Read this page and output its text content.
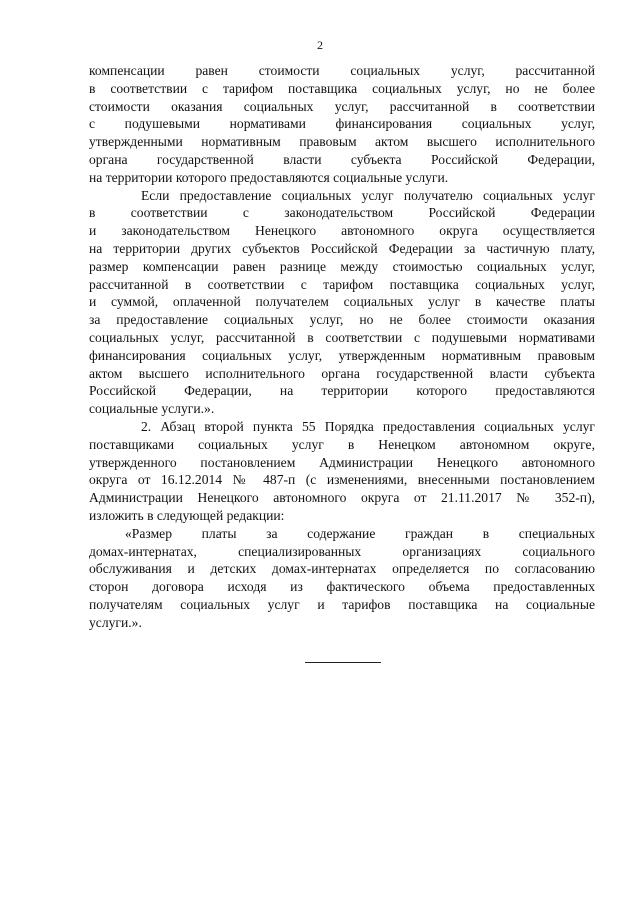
2
компенсации равен стоимости социальных услуг, рассчитанной
в соответствии с тарифом поставщика социальных услуг, но не более
стоимости оказания социальных услуг, рассчитанной в соответствии
с подушевыми нормативами финансирования социальных услуг,
утвержденными нормативным правовым актом высшего исполнительного
органа государственной власти субъекта Российской Федерации,
на территории которого предоставляются социальные услуги.
Если предоставление социальных услуг получателю социальных услуг
в соответствии с законодательством Российской Федерации
и законодательством Ненецкого автономного округа осуществляется
на территории других субъектов Российской Федерации за частичную плату,
размер компенсации равен разнице между стоимостью социальных услуг,
рассчитанной в соответствии с тарифом поставщика социальных услуг,
и суммой, оплаченной получателем социальных услуг в качестве платы
за предоставление социальных услуг, но не более стоимости оказания
социальных услуг, рассчитанной в соответствии с подушевыми нормативами
финансирования социальных услуг, утвержденным нормативным правовым
актом высшего исполнительного органа государственной власти субъекта
Российской Федерации, на территории которого предоставляются
социальные услуги.».
2. Абзац второй пункта 55 Порядка предоставления социальных услуг
поставщиками социальных услуг в Ненецком автономном округе,
утвержденного постановлением Администрации Ненецкого автономного
округа от 16.12.2014 № 487-п (с изменениями, внесенными постановлением
Администрации Ненецкого автономного округа от 21.11.2017 № 352-п),
изложить в следующей редакции:
«Размер платы за содержание граждан в специальных
домах-интернатах, специализированных организациях социального
обслуживания и детских домах-интернатах определяется по согласованию
сторон договора исходя из фактического объема предоставленных
получателям социальных услуг и тарифов поставщика на социальные
услуги.».
